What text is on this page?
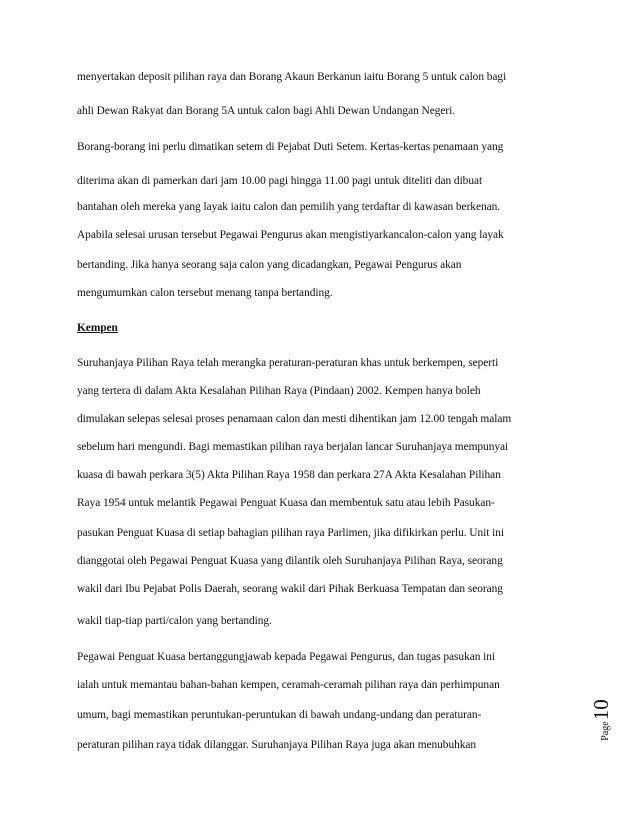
menyertakan deposit pilihan raya dan Borang Akaun Berkanun iaitu Borang 5 untuk calon bagi
ahli Dewan Rakyat dan Borang 5A untuk calon bagi Ahli Dewan Undangan Negeri.
Borang-borang ini perlu dimatikan setem di Pejabat Duti Setem. Kertas-kertas penamaan yang
diterima akan di pamerkan dari jam 10.00 pagi hingga 11.00 pagi untuk diteliti dan dibuat
bantahan oleh mereka yang layak iaitu calon dan pemilih yang terdaftar di kawasan berkenan.
Apabila selesai urusan tersebut Pegawai Pengurus akan mengistiyarkancalon-calon yang layak
bertanding. Jika hanya seorang saja calon yang dicadangkan, Pegawai Pengurus akan
mengumumkan calon tersebut menang tanpa bertanding.
Kempen
Suruhanjaya Pilihan Raya telah merangka peraturan-peraturan khas untuk berkempen, seperti
yang tertera di dalam Akta Kesalahan Pilihan Raya (Pindaan) 2002. Kempen hanya boleh
dimulakan selepas selesai proses penamaan calon dan mesti dihentikan jam 12.00 tengah malam
sebelum hari mengundi. Bagi memastikan pilihan raya berjalan lancar Suruhanjaya mempunyai
kuasa di bawah perkara 3(5) Akta Pilihan Raya 1958 dan perkara 27A Akta Kesalahan Pilihan
Raya 1954 untuk melantik Pegawai Penguat Kuasa dan membentuk satu atau lebih Pasukan-
pasukan Penguat Kuasa di setiap bahagian pilihan raya Parlimen, jika difikirkan perlu. Unit ini
dianggotai oleh Pegawai Penguat Kuasa yang dilantik oleh Suruhanjaya Pilihan Raya, seorang
wakil dari Ibu Pejabat Polis Daerah, seorang wakil dari Pihak Berkuasa Tempatan dan seorang
wakil tiap-tiap parti/calon yang bertanding.
Pegawai Penguat Kuasa bertanggungjawab kepada Pegawai Pengurus, dan tugas pasukan ini
ialah untuk memantau bahan-bahan kempen, ceramah-ceramah pilihan raya dan perhimpunan
umum, bagi memastikan peruntukan-peruntukan di bawah undang-undang dan peraturan-
peraturan pilihan raya tidak dilanggar. Suruhanjaya Pilihan Raya juga akan menubuhkan
Page
10
